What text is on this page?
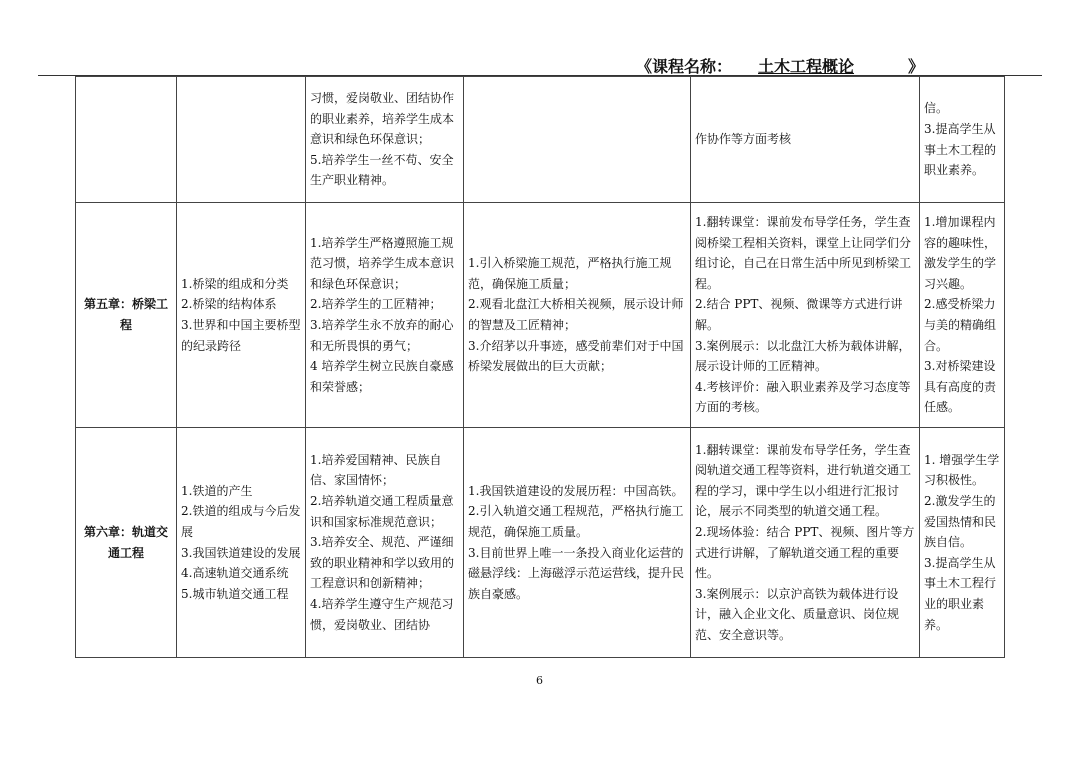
《课程名称： 土木工程概论	》

		习惯，爱岗敬业、团结协作的职业素养，培养学生成本意识和绿色环保意识；
5.培养学生一丝不苟、安全生产职业精神。		作协作等方面考核	信。
3.提高学生从事土木工程的职业素养。

第五章：桥梁工程	1.桥梁的组成和分类
2.桥梁的结构体系
3.世界和中国主要桥型的纪录跨径	1.培养学生严格遵照施工规范习惯，培养学生成本意识和绿色环保意识；
2.培养学生的工匠精神；
3.培养学生永不放弃的耐心和无所畏惧的勇气；
4 培养学生树立民族自豪感和荣誉感；	1.引入桥梁施工规范，严格执行施工规范，确保施工质量；
2.观看北盘江大桥相关视频，展示设计师的智慧及工匠精神；
3.介绍茅以升事迹，感受前辈们对于中国桥梁发展做出的巨大贡献；	1.翻转课堂：课前发布导学任务，学生查阅桥梁工程相关资料，课堂上让同学们分组讨论，自己在日常生活中所见到桥梁工程。
2.结合 PPT、视频、微课等方式进行讲解。
3.案例展示：以北盘江大桥为载体讲解，展示设计师的工匠精神。
4.考核评价：融入职业素养及学习态度等方面的考核。	1.增加课程内容的趣味性，激发学生的学习兴趣。
2.感受桥梁力与美的精确组合。
3.对桥梁建设具有高度的责任感。

第六章：轨道交通工程	1.铁道的产生
2.铁道的组成与今后发展
3.我国铁道建设的发展
4.高速轨道交通系统
5.城市轨道交通工程	1.培养爱国精神、民族自信、家国情怀；
2.培养轨道交通工程质量意识和国家标准规范意识；
3.培养安全、规范、严谨细致的职业精神和学以致用的工程意识和创新精神；
4.培养学生遵守生产规范习惯，爱岗敬业、团结协	1.我国铁道建设的发展历程：中国高铁。
2.引入轨道交通工程规范，严格执行施工规范，确保施工质量。
3.目前世界上唯一一条投入商业化运营的磁悬浮线：上海磁浮示范运营线，提升民族自豪感。	1.翻转课堂：课前发布导学任务，学生查阅轨道交通工程等资料，进行轨道交通工程的学习，课中学生以小组进行汇报讨论，展示不同类型的轨道交通工程。
2.现场体验：结合 PPT、视频、图片等方式进行讲解，了解轨道交通工程的重要性。
3.案例展示：以京沪高铁为载体进行设计，融入企业文化、质量意识、岗位规范、安全意识等。	1. 增强学生学习积极性。
2.激发学生的爱国热情和民族自信。
3.提高学生从事土木工程行业的职业素养。
6
